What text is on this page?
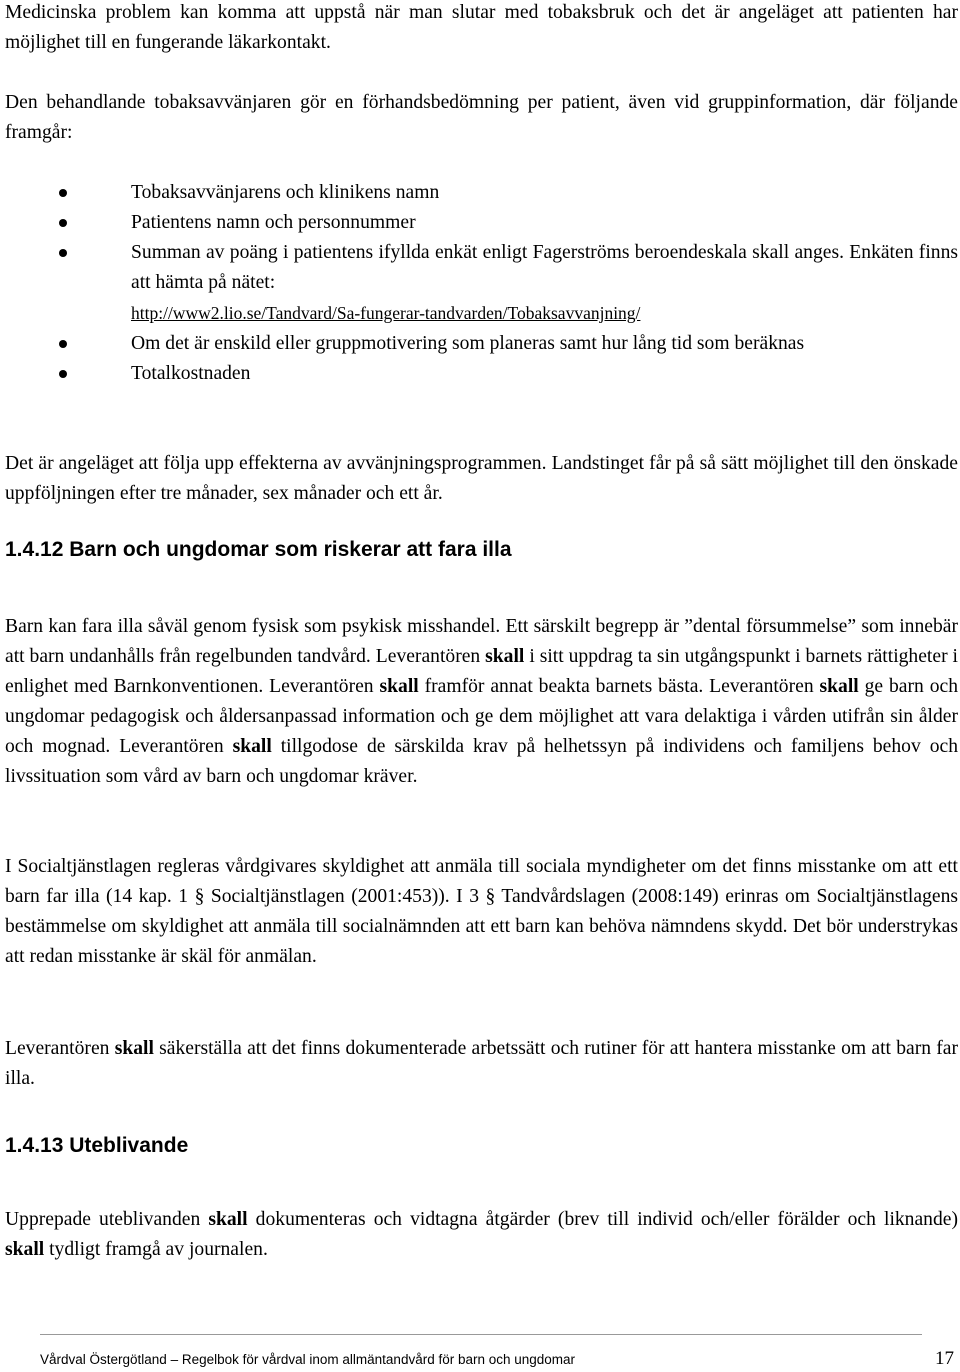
Medicinska problem kan komma att uppstå när man slutar med tobaksbruk och det är angeläget att patienten har möjlighet till en fungerande läkarkontakt.

Den behandlande tobaksavvänjaren gör en förhandsbedömning per patient, även vid gruppinformation, där följande framgår:

Tobaksavvänjarens och klinikens namn
Patientens namn och personnummer
Summan av poäng i patientens ifyllda enkät enligt Fagerströms beroendeskala skall anges. Enkäten finns att hämta på nätet:
http://www2.lio.se/Tandvard/Sa-fungerar-tandvarden/Tobaksavvanjning/
Om det är enskild eller gruppmotivering som planeras samt hur lång tid som beräknas
Totalkostnaden

Det är angeläget att följa upp effekterna av avvänjningsprogrammen. Landstinget får på så sätt möjlighet till den önskade uppföljningen efter tre månader, sex månader och ett år.

1.4.12 Barn och ungdomar som riskerar att fara illa

Barn kan fara illa såväl genom fysisk som psykisk misshandel. Ett särskilt begrepp är ”dental försummelse” som innebär att barn undanhålls från regelbunden tandvård. Leverantören skall i sitt uppdrag ta sin utgångspunkt i barnets rättigheter i enlighet med Barnkonventionen. Leverantören skall framför annat beakta barnets bästa. Leverantören skall ge barn och ungdomar pedagogisk och åldersanpassad information och ge dem möjlighet att vara delaktiga i vården utifrån sin ålder och mognad. Leverantören skall tillgodose de särskilda krav på helhetssyn på individens och familjens behov och livssituation som vård av barn och ungdomar kräver.

I Socialtjänstlagen regleras vårdgivares skyldighet att anmäla till sociala myndigheter om det finns misstanke om att ett barn far illa (14 kap. 1 § Socialtjänstlagen (2001:453)). I 3 § Tandvårdslagen (2008:149) erinras om Socialtjänstlagens bestämmelse om skyldighet att anmäla till socialnämnden att ett barn kan behöva nämndens skydd. Det bör understrykas att redan misstanke är skäl för anmälan.

Leverantören skall säkerställa att det finns dokumenterade arbetssätt och rutiner för att hantera misstanke om att barn far illa.

1.4.13 Uteblivande

Upprepade uteblivanden skall dokumenteras och vidtagna åtgärder (brev till individ och/eller förälder och liknande) skall tydligt framgå av journalen.

Vårdval Östergötland – Regelbok för vårdval inom allmäntandvård för barn och ungdomar	17
